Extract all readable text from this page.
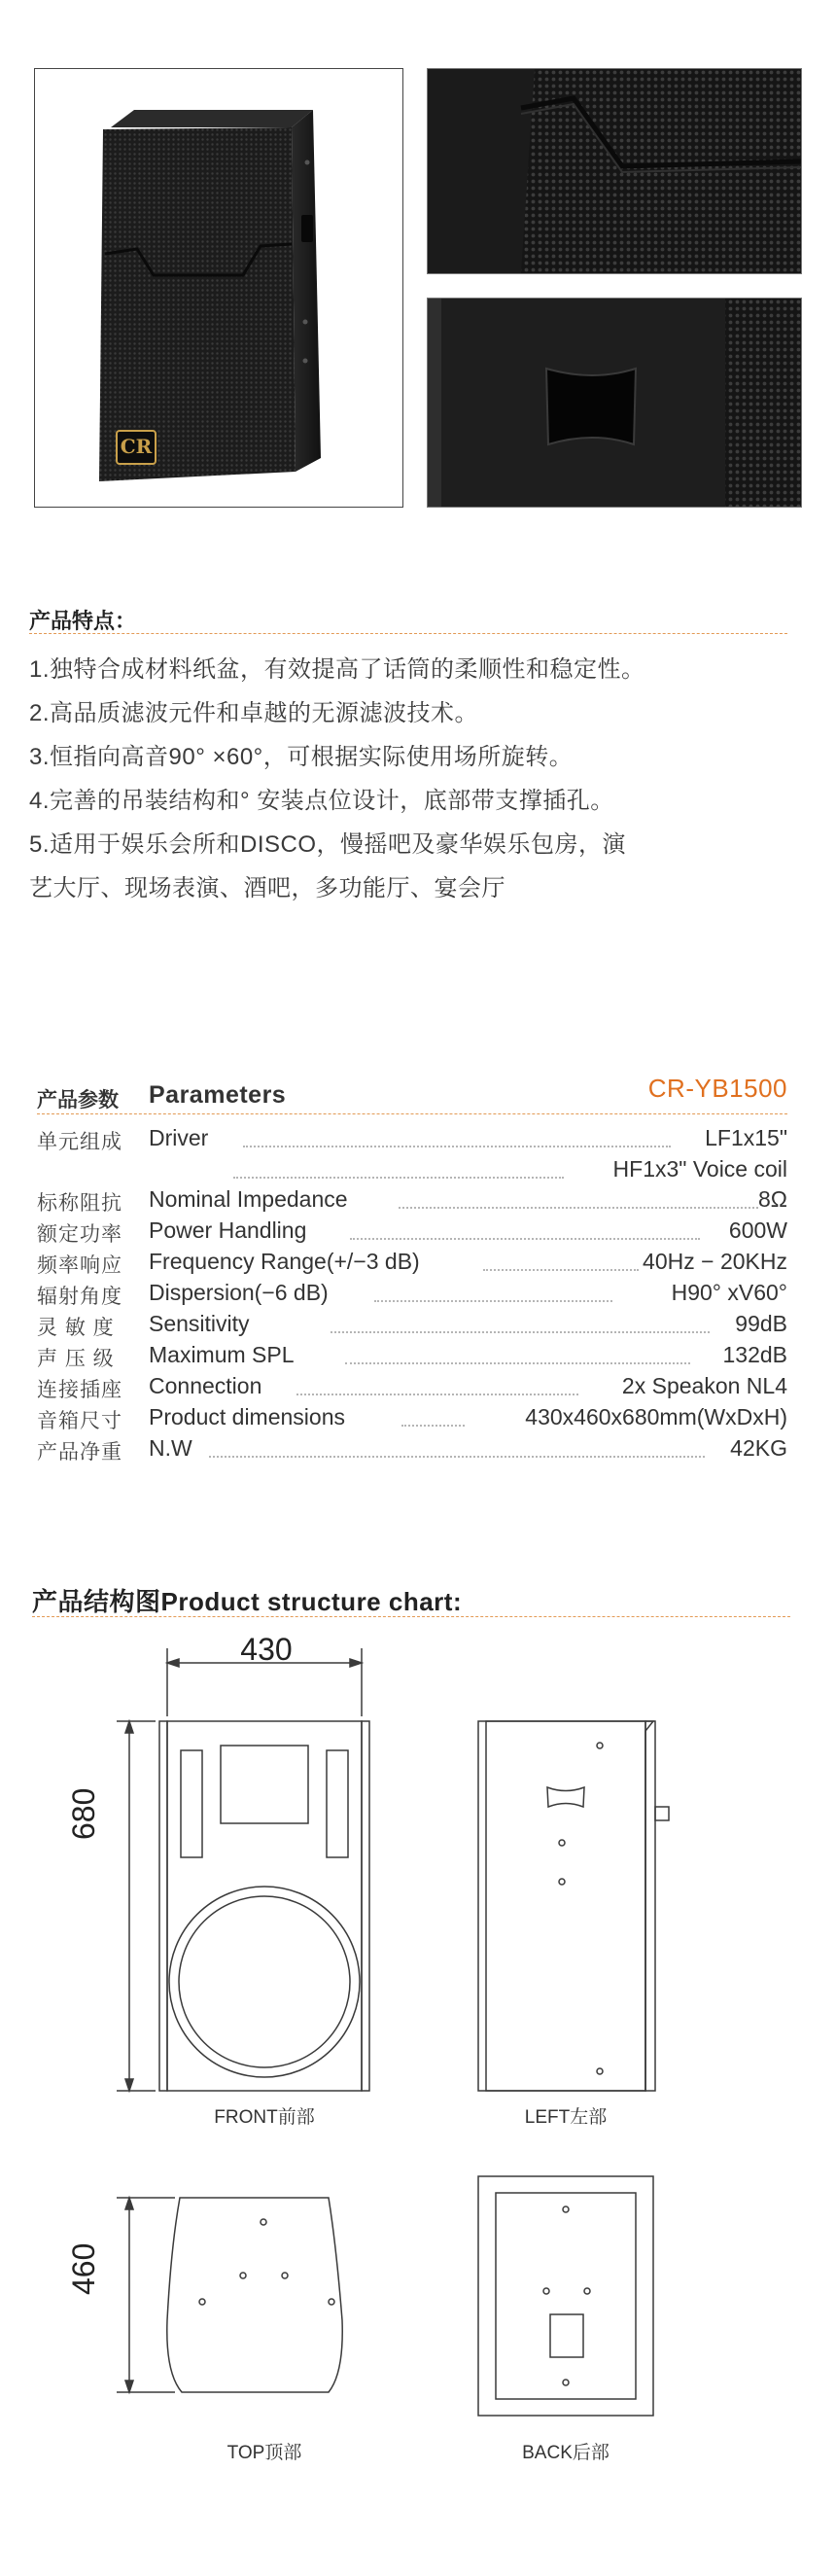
CR
产品特点：
1.独特合成材料纸盆，有效提高了话筒的柔顺性和稳定性。
2.高品质滤波元件和卓越的无源滤波技术。
3.恒指向高音90° ×60°，可根据实际使用场所旋转。
4.完善的吊装结构和° 安装点位设计，底部带支撑插孔。
5.适用于娱乐会所和DISCO，慢摇吧及豪华娱乐包房，演
艺大厅、现场表演、酒吧，多功能厅、宴会厅
CR-YB1500
产品参数 Parameters
单元组成 Driver	LF1x15"
HF1x3" Voice coil
标称阻抗 Nominal Impedance	8Ω
额定功率 Power Handling	600W
频率响应 Frequency Range(+/−3 dB)	40Hz − 20KHz
辐射角度 Dispersion(−6 dB)	H90° xV60°
灵 敏 度 Sensitivity	99dB
声 压 级 Maximum SPL	132dB
连接插座 Connection	2x Speakon NL4
音箱尺寸 Product dimensions	430x460x680mm(WxDxH)
产品净重 N.W	42KG
产品结构图Product structure chart:
430
680
460
FRONT前部	LEFT左部
TOP顶部	BACK后部
